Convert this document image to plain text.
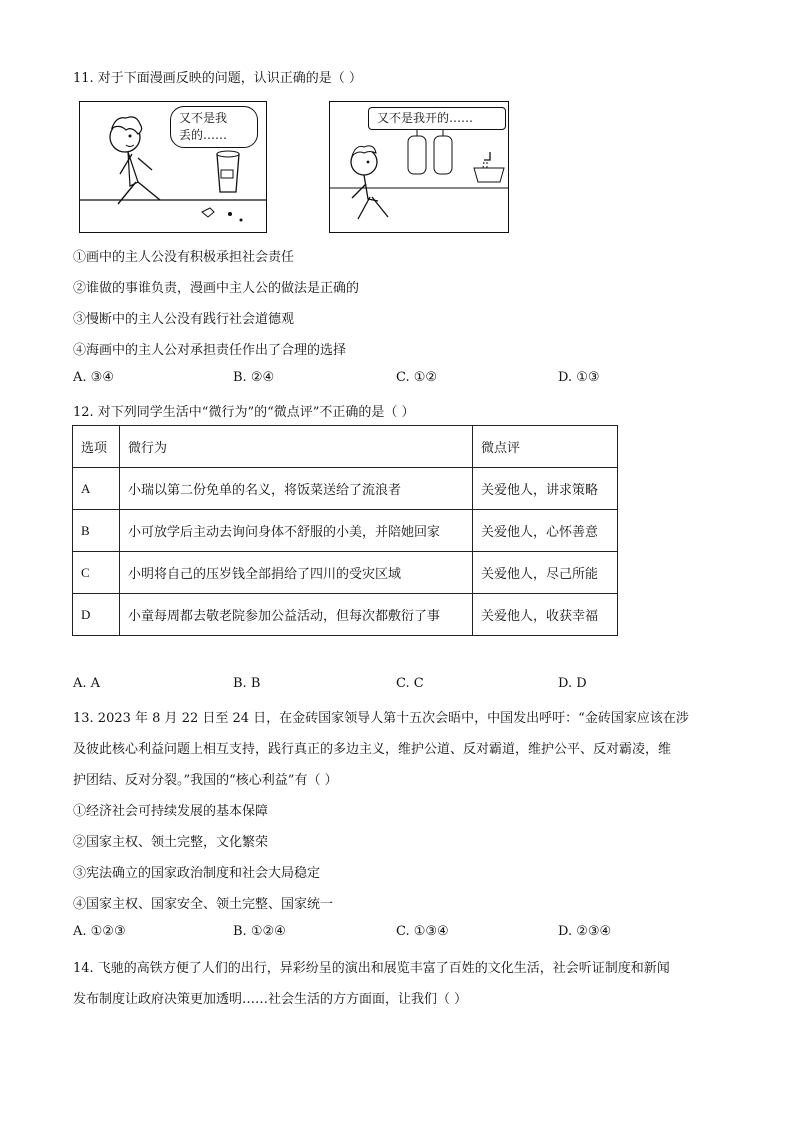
11. 对于下面漫画反映的问题，认识正确的是（ ）
又不是我
丢的……
又不是我开的……
①画中的主人公没有积极承担社会责任
②谁做的事谁负责，漫画中主人公的做法是正确的
③慢断中的主人公没有践行社会道德观
④海画中的主人公对承担责任作出了合理的选择
A. ③④	B. ②④	C. ①②	D. ①③
12. 对下列同学生活中“微行为”的“微点评”不正确的是（ ）
选项	微行为	微点评
A	小瑞以第二份免单的名义，将饭菜送给了流浪者	关爱他人，讲求策略
B	小可放学后主动去询问身体不舒服的小美，并陪她回家	关爱他人，心怀善意
C	小明将自己的压岁钱全部捐给了四川的受灾区域	关爱他人，尽己所能
D	小童每周都去敬老院参加公益活动，但每次都敷衍了事	关爱他人，收获幸福
A. A	B. B	C. C	D. D
13. 2023 年 8 月 22 日至 24 日，在金砖国家领导人第十五次会晤中，中国发出呼吁：“金砖国家应该在涉
及彼此核心利益问题上相互支持，践行真正的多边主义，维护公道、反对霸道，维护公平、反对霸凌，维
护团结、反对分裂。”我国的“核心利益”有（ ）
①经济社会可持续发展的基本保障
②国家主权、领土完整，文化繁荣
③宪法确立的国家政治制度和社会大局稳定
④国家主权、国家安全、领土完整、国家统一
A. ①②③	B. ①②④	C. ①③④	D. ②③④
14. 飞驰的高铁方便了人们的出行，异彩纷呈的演出和展览丰富了百姓的文化生活，社会听证制度和新闻
发布制度让政府决策更加透明……社会生活的方方面面，让我们（ ）
